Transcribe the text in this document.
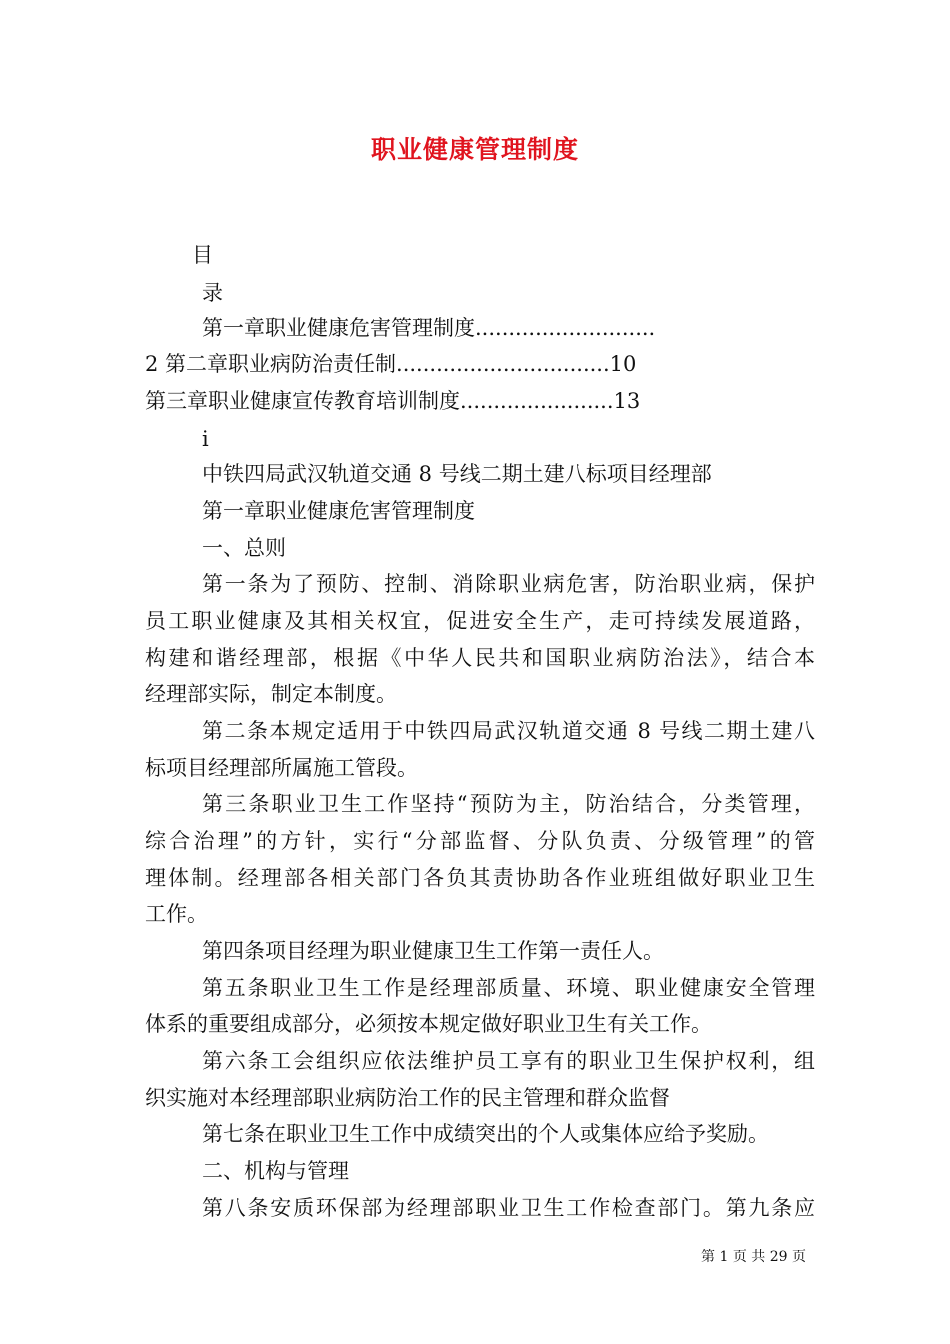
职业健康管理制度
目
录
第一章职业健康危害管理制度...........................
2 第二章职业病防治责任制................................10
第三章职业健康宣传教育培训制度.......................13
i
中铁四局武汉轨道交通 8 号线二期土建八标项目经理部
第一章职业健康危害管理制度
一、总则
第一条为了预防、控制、消除职业病危害，防治职业病，保护
员工职业健康及其相关权宜，促进安全生产，走可持续发展道路，
构建和谐经理部，根据《中华人民共和国职业病防治法》，结合本
经理部实际，制定本制度。
第二条本规定适用于中铁四局武汉轨道交通 8 号线二期土建八
标项目经理部所属施工管段。
第三条职业卫生工作坚持“预防为主，防治结合，分类管理，
综合治理”的方针，实行“分部监督、分队负责、分级管理”的管
理体制。经理部各相关部门各负其责协助各作业班组做好职业卫生
工作。
第四条项目经理为职业健康卫生工作第一责任人。
第五条职业卫生工作是经理部质量、环境、职业健康安全管理
体系的重要组成部分，必须按本规定做好职业卫生有关工作。
第六条工会组织应依法维护员工享有的职业卫生保护权利，组
织实施对本经理部职业病防治工作的民主管理和群众监督
第七条在职业卫生工作中成绩突出的个人或集体应给予奖励。
二、机构与管理
第八条安质环保部为经理部职业卫生工作检查部门。第九条应
第 1 页 共 29 页
